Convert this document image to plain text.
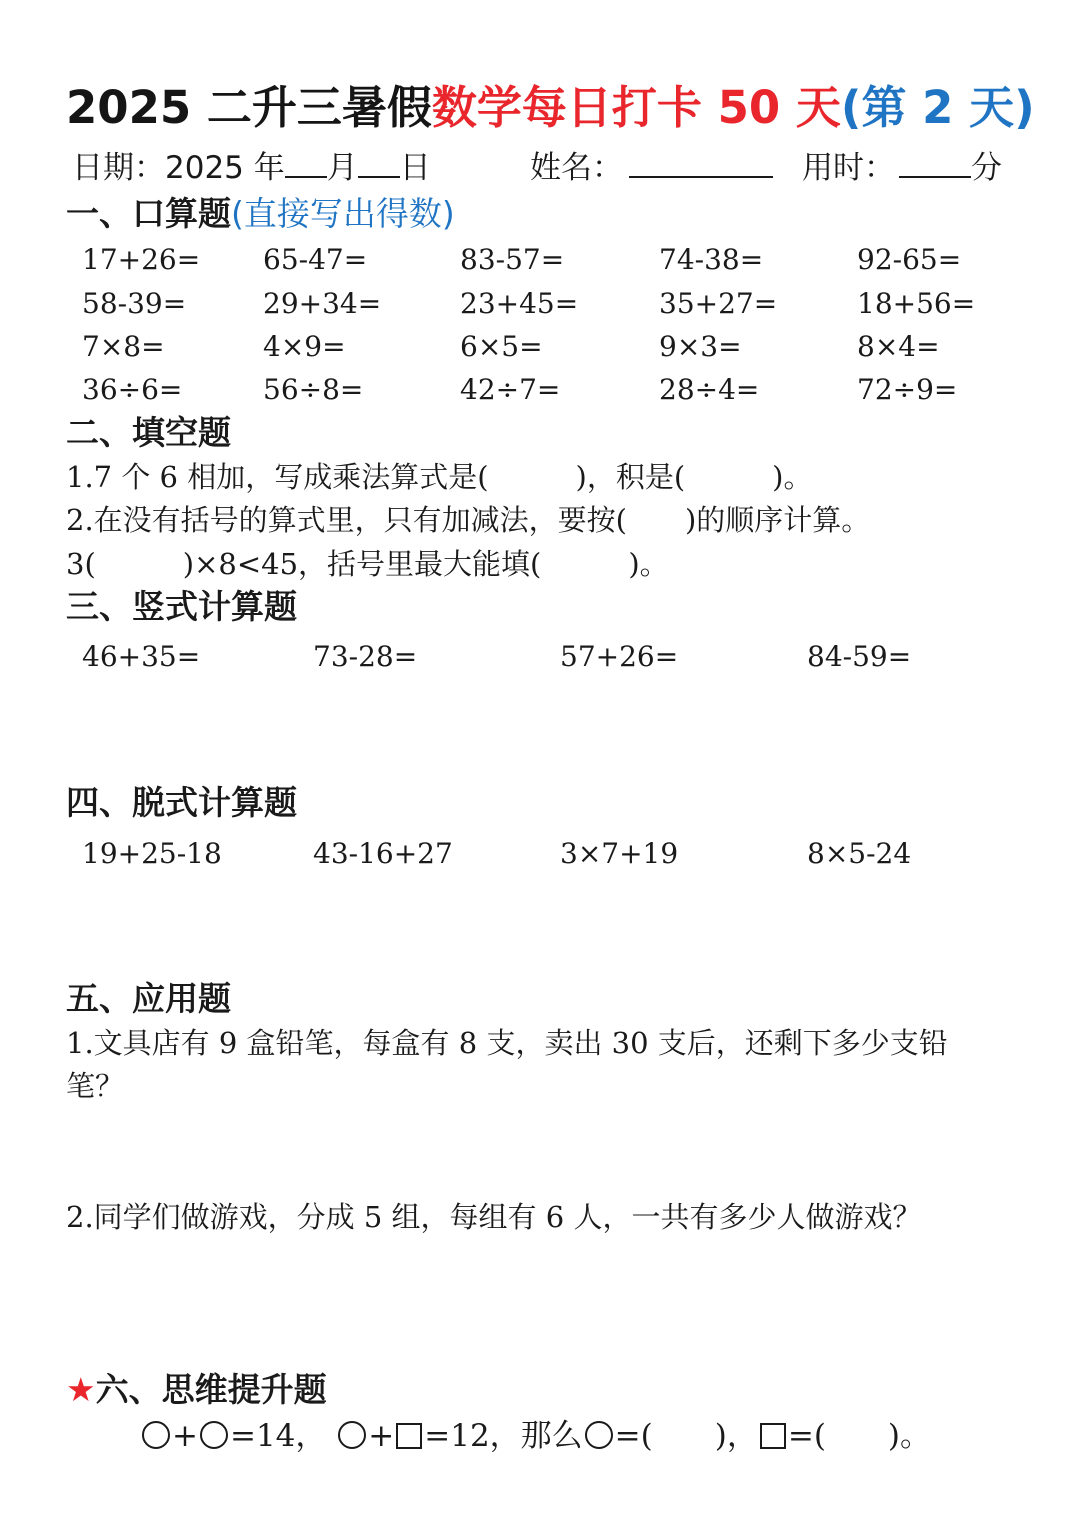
2025 二升三暑假数学每日打卡 50 天(第 2 天)
日期：2025 年 月 日	姓名：	用时： 分
一、口算题(直接写出得数)
17+26= 65-47=	83-57=	74-38=	92-65=
58-39=	29+34=	23+45=	35+27=	18+56=
7×8=	4×9=	6×5=	9×3=	8×4=
36÷6=	56÷8=	42÷7=	28÷4=	72÷9=
二、填空题
1.7 个 6 相加，写成乘法算式是(　　　)，积是(　　　)。
2.在没有括号的算式里，只有加减法，要按(　　)的顺序计算。
3(　　　)×8<45，括号里最大能填(　　　)。
三、竖式计算题
46+35=	73-28=	57+26=	84-59=
四、脱式计算题
19+25-18	43-16+27	3×7+19	8×5-24
五、应用题
1.文具店有 9 盒铅笔，每盒有 8 支，卖出 30 支后，还剩下多少支铅
笔？
2.同学们做游戏，分成 5 组，每组有 6 人，一共有多少人做游戏？
★六、思维提升题
+ =14， + =12，那么 =(　　)， =(　　)。
